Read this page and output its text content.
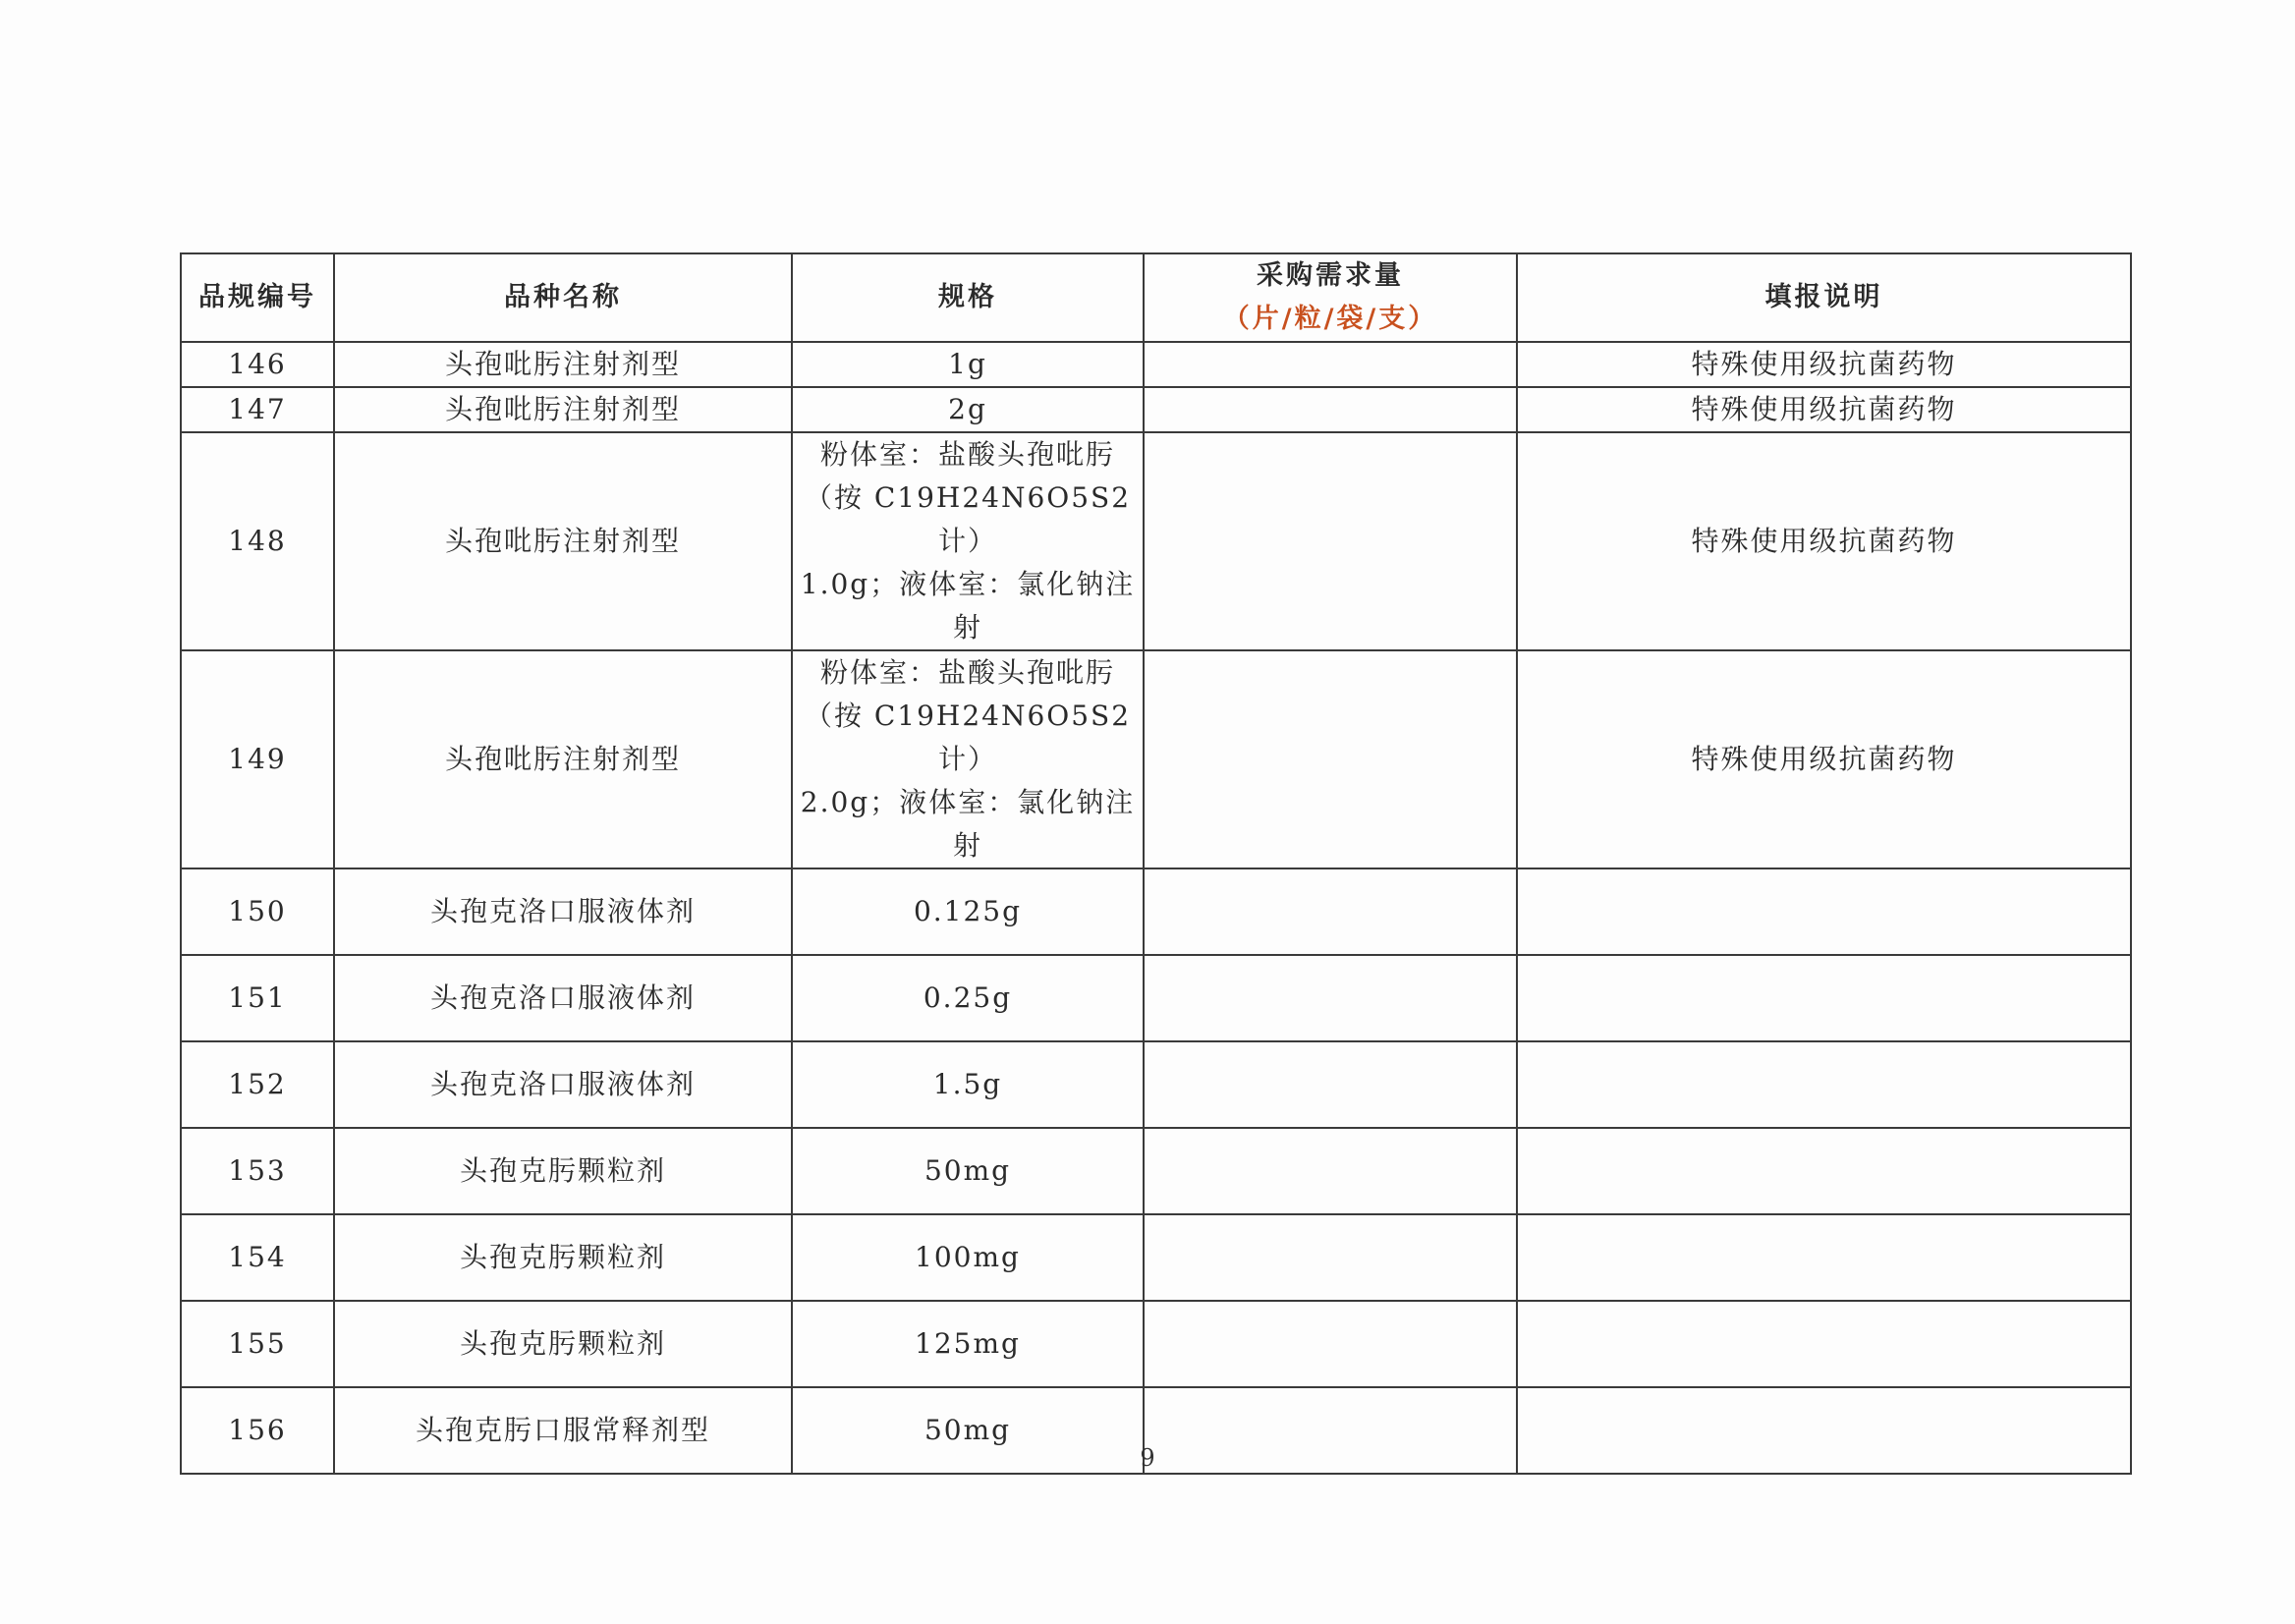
品规编号	品种名称	规格	采购需求量（片/粒/袋/支）	填报说明
146	头孢吡肟注射剂型	1g		特殊使用级抗菌药物
147	头孢吡肟注射剂型	2g		特殊使用级抗菌药物
148	头孢吡肟注射剂型	粉体室：盐酸头孢吡肟
（按 C19H24N6O5S2 计）
1.0g；液体室：氯化钠注
射		特殊使用级抗菌药物
149	头孢吡肟注射剂型	粉体室：盐酸头孢吡肟
（按 C19H24N6O5S2 计）
2.0g；液体室：氯化钠注
射		特殊使用级抗菌药物
150	头孢克洛口服液体剂	0.125g		

151	头孢克洛口服液体剂	0.25g		

152	头孢克洛口服液体剂	1.5g		

153	头孢克肟颗粒剂	50mg		

154	头孢克肟颗粒剂	100mg		

155	头孢克肟颗粒剂	125mg		

156	头孢克肟口服常释剂型	50mg		

9
